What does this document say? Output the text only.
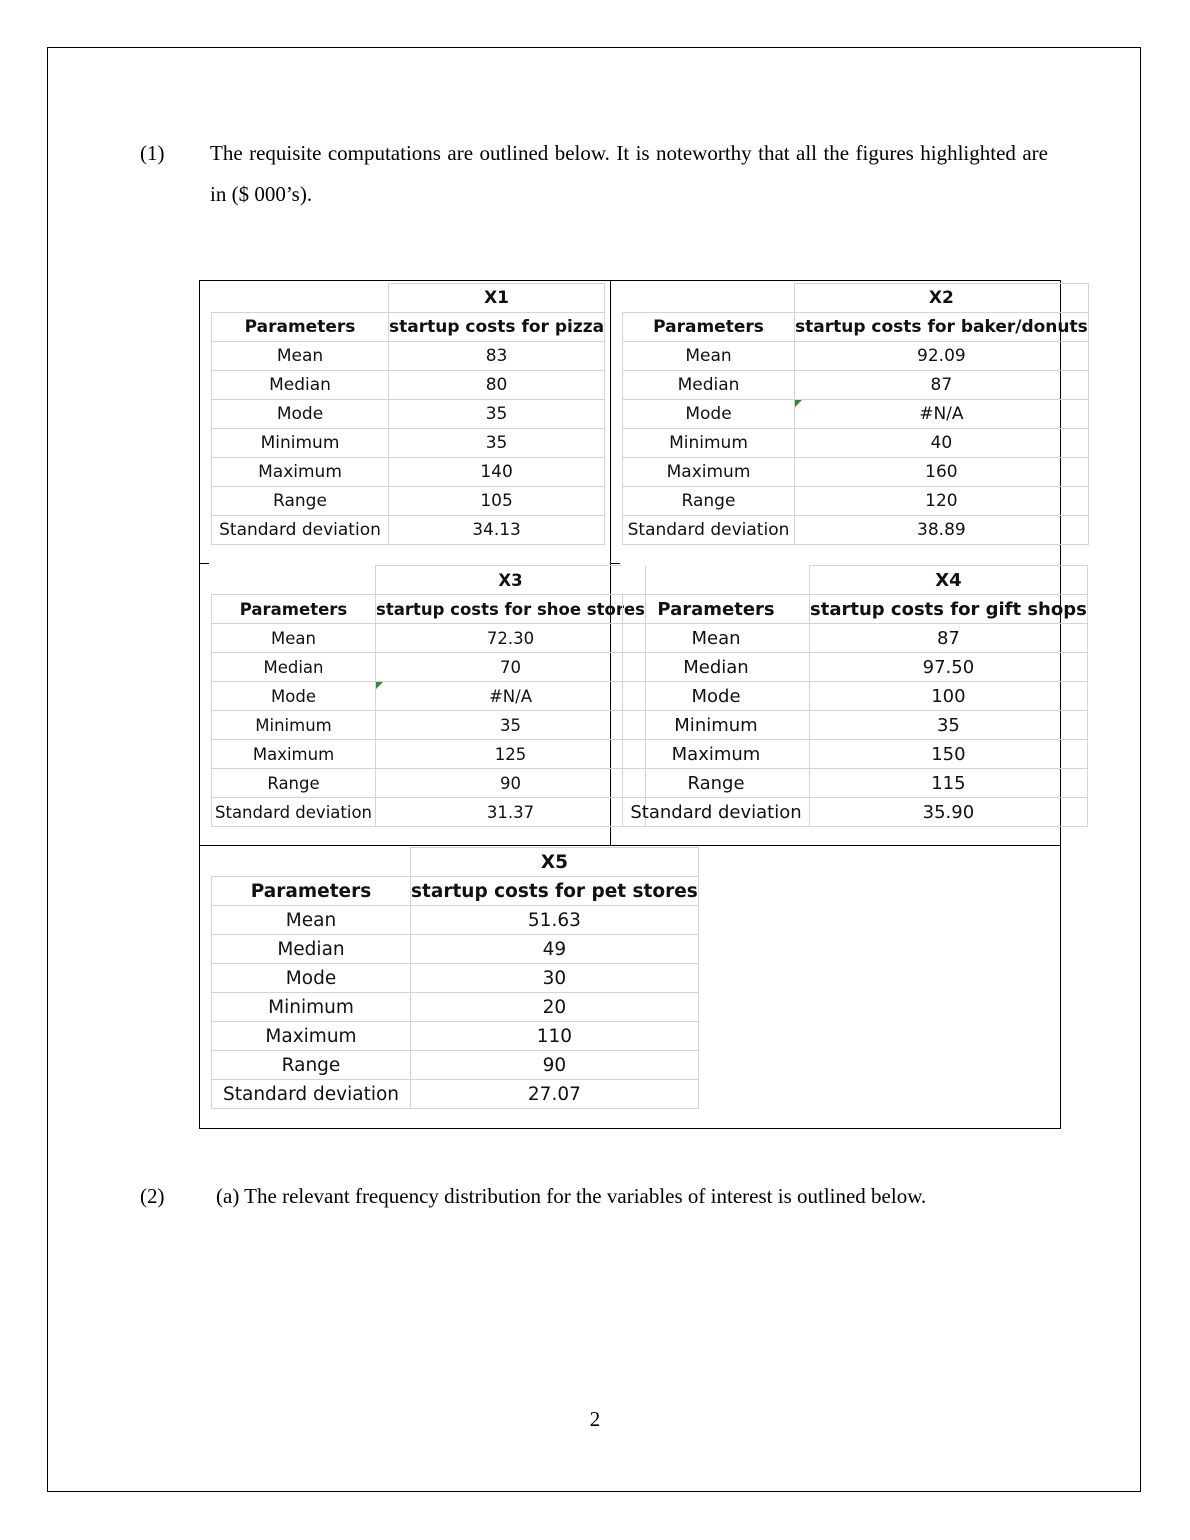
(1) The requisite computations are outlined below. It is noteworthy that all the figures highlighted are in ($ 000’s).
	X1
Parameters	startup costs for pizza
Mean	83
Median	80
Mode	35
Minimum	35
Maximum	140
Range	105
Standard deviation	34.13
	X2
Parameters	startup costs for baker/donuts
Mean	92.09
Median	87
Mode	#N/A
Minimum	40
Maximum	160
Range	120
Standard deviation	38.89
	X3
Parameters	startup costs for shoe stores
Mean	72.30
Median	70
Mode	#N/A
Minimum	35
Maximum	125
Range	90
Standard deviation	31.37
	X4
Parameters	startup costs for gift shops
Mean	87
Median	97.50
Mode	100
Minimum	35
Maximum	150
Range	115
Standard deviation	35.90
	X5
Parameters	startup costs for pet stores
Mean	51.63
Median	49
Mode	30
Minimum	20
Maximum	110
Range	90
Standard deviation	27.07
(2) (a) The relevant frequency distribution for the variables of interest is outlined below.
2
